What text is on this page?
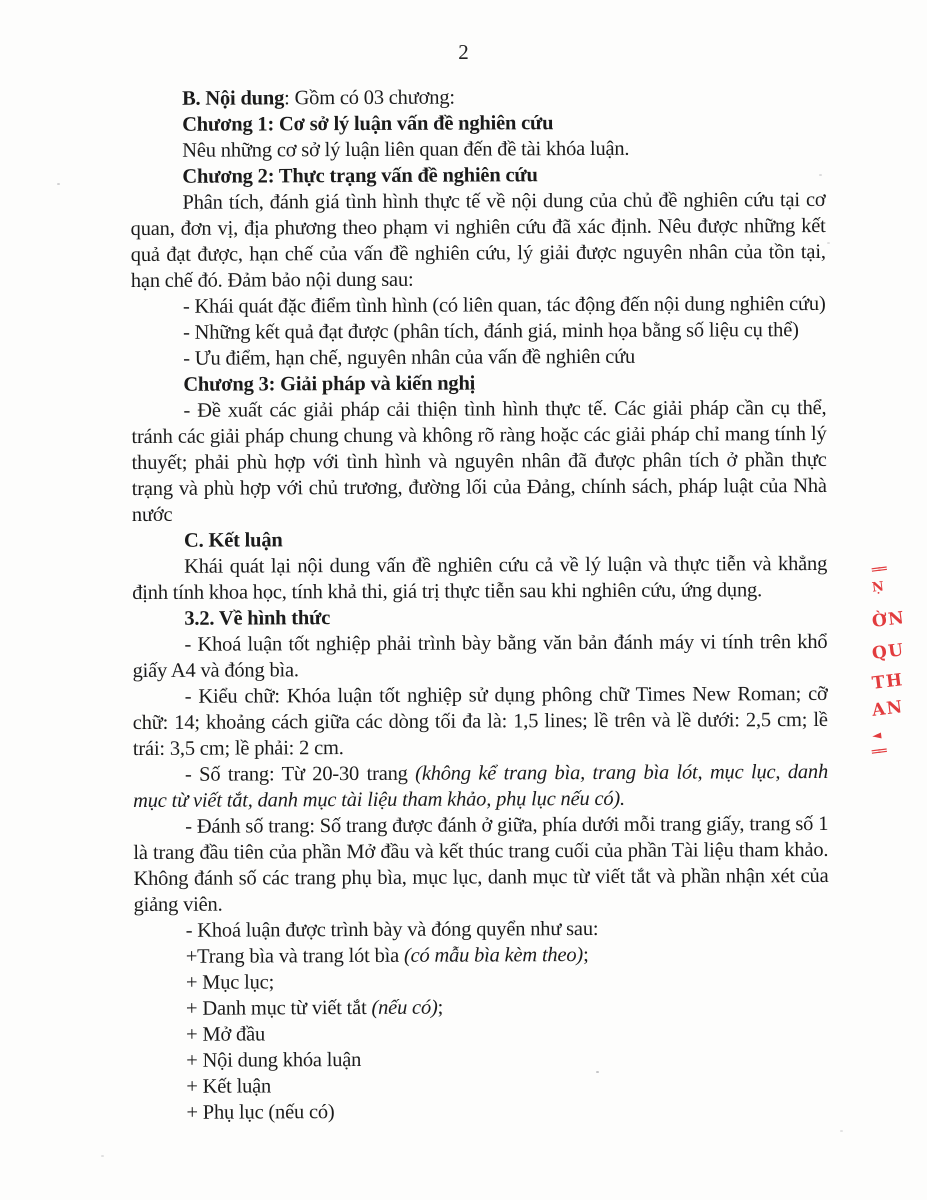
2

B. Nội dung: Gồm có 03 chương:

Chương 1: Cơ sở lý luận vấn đề nghiên cứu

Nêu những cơ sở lý luận liên quan đến đề tài khóa luận.

Chương 2: Thực trạng vấn đề nghiên cứu

Phân tích, đánh giá tình hình thực tế về nội dung của chủ đề nghiên cứu tại cơ quan, đơn vị, địa phương theo phạm vi nghiên cứu đã xác định. Nêu được những kết quả đạt được, hạn chế của vấn đề nghiên cứu, lý giải được nguyên nhân của tồn tại, hạn chế đó. Đảm bảo nội dung sau:

- Khái quát đặc điểm tình hình (có liên quan, tác động đến nội dung nghiên cứu)

- Những kết quả đạt được (phân tích, đánh giá, minh họa bằng số liệu cụ thể)

- Ưu điểm, hạn chế, nguyên nhân của vấn đề nghiên cứu

Chương 3: Giải pháp và kiến nghị

- Đề xuất các giải pháp cải thiện tình hình thực tế. Các giải pháp cần cụ thể, tránh các giải pháp chung chung và không rõ ràng hoặc các giải pháp chỉ mang tính lý thuyết; phải phù hợp với tình hình và nguyên nhân đã được phân tích ở phần thực trạng và phù hợp với chủ trương, đường lối của Đảng, chính sách, pháp luật của Nhà nước

C. Kết luận

Khái quát lại nội dung vấn đề nghiên cứu cả về lý luận và thực tiễn và khẳng định tính khoa học, tính khả thi, giá trị thực tiễn sau khi nghiên cứu, ứng dụng.

3.2. Về hình thức

- Khoá luận tốt nghiệp phải trình bày bằng văn bản đánh máy vi tính trên khổ giấy A4 và đóng bìa.

- Kiểu chữ: Khóa luận tốt nghiệp sử dụng phông chữ Times New Roman; cỡ chữ: 14; khoảng cách giữa các dòng tối đa là: 1,5 lines; lề trên và lề dưới: 2,5 cm; lề trái: 3,5 cm; lề phải: 2 cm.

- Số trang: Từ 20-30 trang (không kể trang bìa, trang bìa lót, mục lục, danh mục từ viết tắt, danh mục tài liệu tham khảo, phụ lục nếu có).

- Đánh số trang: Số trang được đánh ở giữa, phía dưới mỗi trang giấy, trang số 1 là trang đầu tiên của phần Mở đầu và kết thúc trang cuối của phần Tài liệu tham khảo. Không đánh số các trang phụ bìa, mục lục, danh mục từ viết tắt và phần nhận xét của giảng viên.

- Khoá luận được trình bày và đóng quyển như sau:

+Trang bìa và trang lót bìa (có mẫu bìa kèm theo);

+ Mục lục;

+ Danh mục từ viết tắt (nếu có);

+ Mở đầu

+ Nội dung khóa luận

+ Kết luận

+ Phụ lục (nếu có)

══
Ṇ
ỜN
QU
TH
AN
◄
══
